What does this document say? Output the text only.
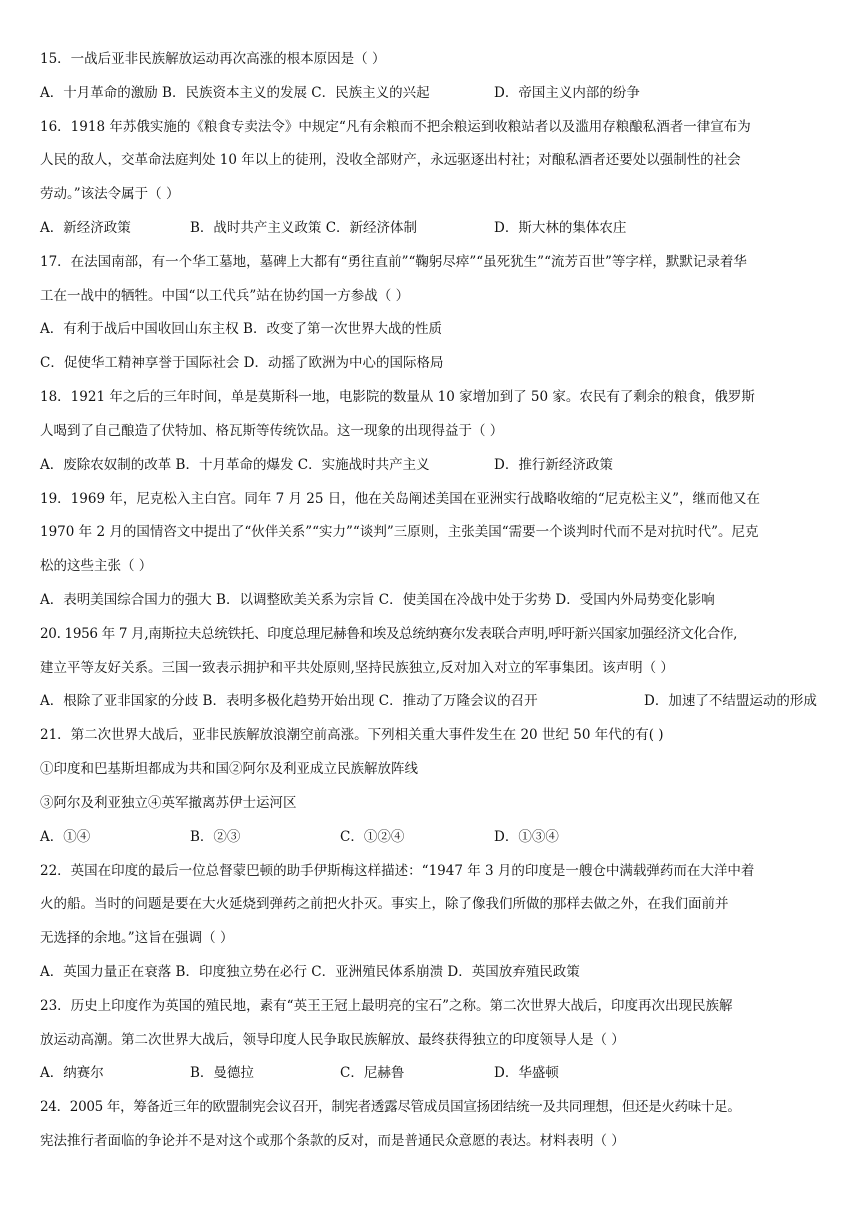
15．一战后亚非民族解放运动再次高涨的根本原因是（ ）
A．十月革命的激励 B．民族资本主义的发展 C．民族主义的兴起	D．帝国主义内部的纷争
16．1918 年苏俄实施的《粮食专卖法令》中规定“凡有余粮而不把余粮运到收粮站者以及滥用存粮酿私酒者一律宣布为
人民的敌人，交革命法庭判处 10 年以上的徒刑，没收全部财产，永远驱逐出村社；对酿私酒者还要处以强制性的社会
劳动。”该法令属于（ ）
A．新经济政策	B．战时共产主义政策 C．新经济体制	D．斯大林的集体农庄
17．在法国南部，有一个华工墓地，墓碑上大都有“勇往直前”“鞠躬尽瘁”“虽死犹生”“流芳百世”等字样，默默记录着华
工在一战中的牺牲。中国“以工代兵”站在协约国一方参战（ ）
A．有利于战后中国收回山东主权 B．改变了第一次世界大战的性质
C．促使华工精神享誉于国际社会 D．动摇了欧洲为中心的国际格局
18．1921 年之后的三年时间，单是莫斯科一地，电影院的数量从 10 家增加到了 50 家。农民有了剩余的粮食，俄罗斯
人喝到了自己酿造了伏特加、格瓦斯等传统饮品。这一现象的出现得益于（ ）
A．废除农奴制的改革 B．十月革命的爆发 C．实施战时共产主义	D．推行新经济政策
19．1969 年，尼克松入主白宫。同年 7 月 25 日，他在关岛阐述美国在亚洲实行战略收缩的“尼克松主义”，继而他又在
1970 年 2 月的国情咨文中提出了“伙伴关系”“实力”“谈判”三原则，主张美国“需要一个谈判时代而不是对抗时代”。尼克
松的这些主张（ ）
A．表明美国综合国力的强大 B．以调整欧美关系为宗旨 C．使美国在冷战中处于劣势 D．受国内外局势变化影响
20. 1956 年 7 月,南斯拉夫总统铁托、印度总理尼赫鲁和埃及总统纳赛尔发表联合声明,呼吁新兴国家加强经济文化合作,
建立平等友好关系。三国一致表示拥护和平共处原则,坚持民族独立,反对加入对立的军事集团。该声明（ ）
A．根除了亚非国家的分歧 B．表明多极化趋势开始出现 C．推动了万隆会议的召开	D．加速了不结盟运动的形成
21．第二次世界大战后，亚非民族解放浪潮空前高涨。下列相关重大事件发生在 20 世纪 50 年代的有( )
①印度和巴基斯坦都成为共和国②阿尔及利亚成立民族解放阵线
③阿尔及利亚独立④英军撤离苏伊士运河区
A．①④	B．②③	C．①②④	D．①③④
22．英国在印度的最后一位总督蒙巴顿的助手伊斯梅这样描述：“1947 年 3 月的印度是一艘仓中满载弹药而在大洋中着
火的船。当时的问题是要在大火延烧到弹药之前把火扑灭。事实上，除了像我们所做的那样去做之外，在我们面前并
无选择的余地。”这旨在强调（ ）
A．英国力量正在衰落 B．印度独立势在必行 C．亚洲殖民体系崩溃 D．英国放弃殖民政策
23．历史上印度作为英国的殖民地，素有“英王王冠上最明亮的宝石”之称。第二次世界大战后，印度再次出现民族解
放运动高潮。第二次世界大战后，领导印度人民争取民族解放、最终获得独立的印度领导人是（ ）
A．纳赛尔	B．曼德拉	C．尼赫鲁	D．华盛顿
24．2005 年，筹备近三年的欧盟制宪会议召开，制宪者透露尽管成员国宣扬团结统一及共同理想，但还是火药味十足。
宪法推行者面临的争论并不是对这个或那个条款的反对，而是普通民众意愿的表达。材料表明（ ）
